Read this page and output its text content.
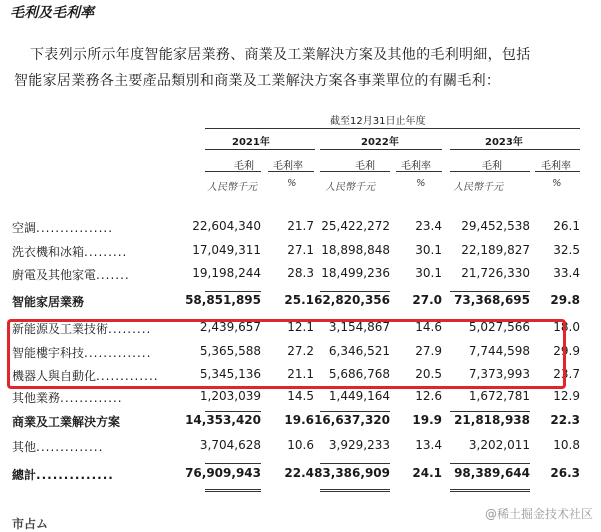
毛利及毛利率
下表列示所示年度智能家居業務、商業及工業解決方案及其他的毛利明細，包括
智能家居業務各主要產品類別和商業及工業解決方案各事業單位的有關毛利：
截至12月31日止年度
2021年	2022年	2023年
毛利 毛利率	毛利	毛利率	毛利	毛利率
人民幣千元	%	人民幣千元	%	人民幣千元	%
空調................	22,604,340 21.7 25,422,272 23.4 29,452,538 26.1
洗衣機和冰箱.........	17,049,311 27.1 18,898,848 30.1 22,189,827 32.5
廚電及其他家電.......	19,198,244 28.3 18,499,236 30.1 21,726,330 33.4
智能家居業務	58,851,895 25.1 62,820,356 27.0 73,368,695 29.8
新能源及工業技術.........	2,439,657 12.1 3,154,867 14.6 5,027,566 18.0
智能樓宇科技..............	5,365,588 27.2 6,346,521 27.9 7,744,598 29.9
機器人與自動化.............	5,345,136 21.1 5,686,768 20.5 7,373,993 23.7
其他業務.............	1,203,039 14.5 1,449,164 12.6 1,672,781 12.9
商業及工業解決方案	14,353,420 19.6 16,637,320 19.9 21,818,938 22.3
其他..............	3,704,628 10.6 3,929,233 13.4 3,202,011 10.8
總計..............	76,909,943 22.4 83,386,909 24.1 98,389,644 26.3
市占ム
@稀土掘金技术社区
